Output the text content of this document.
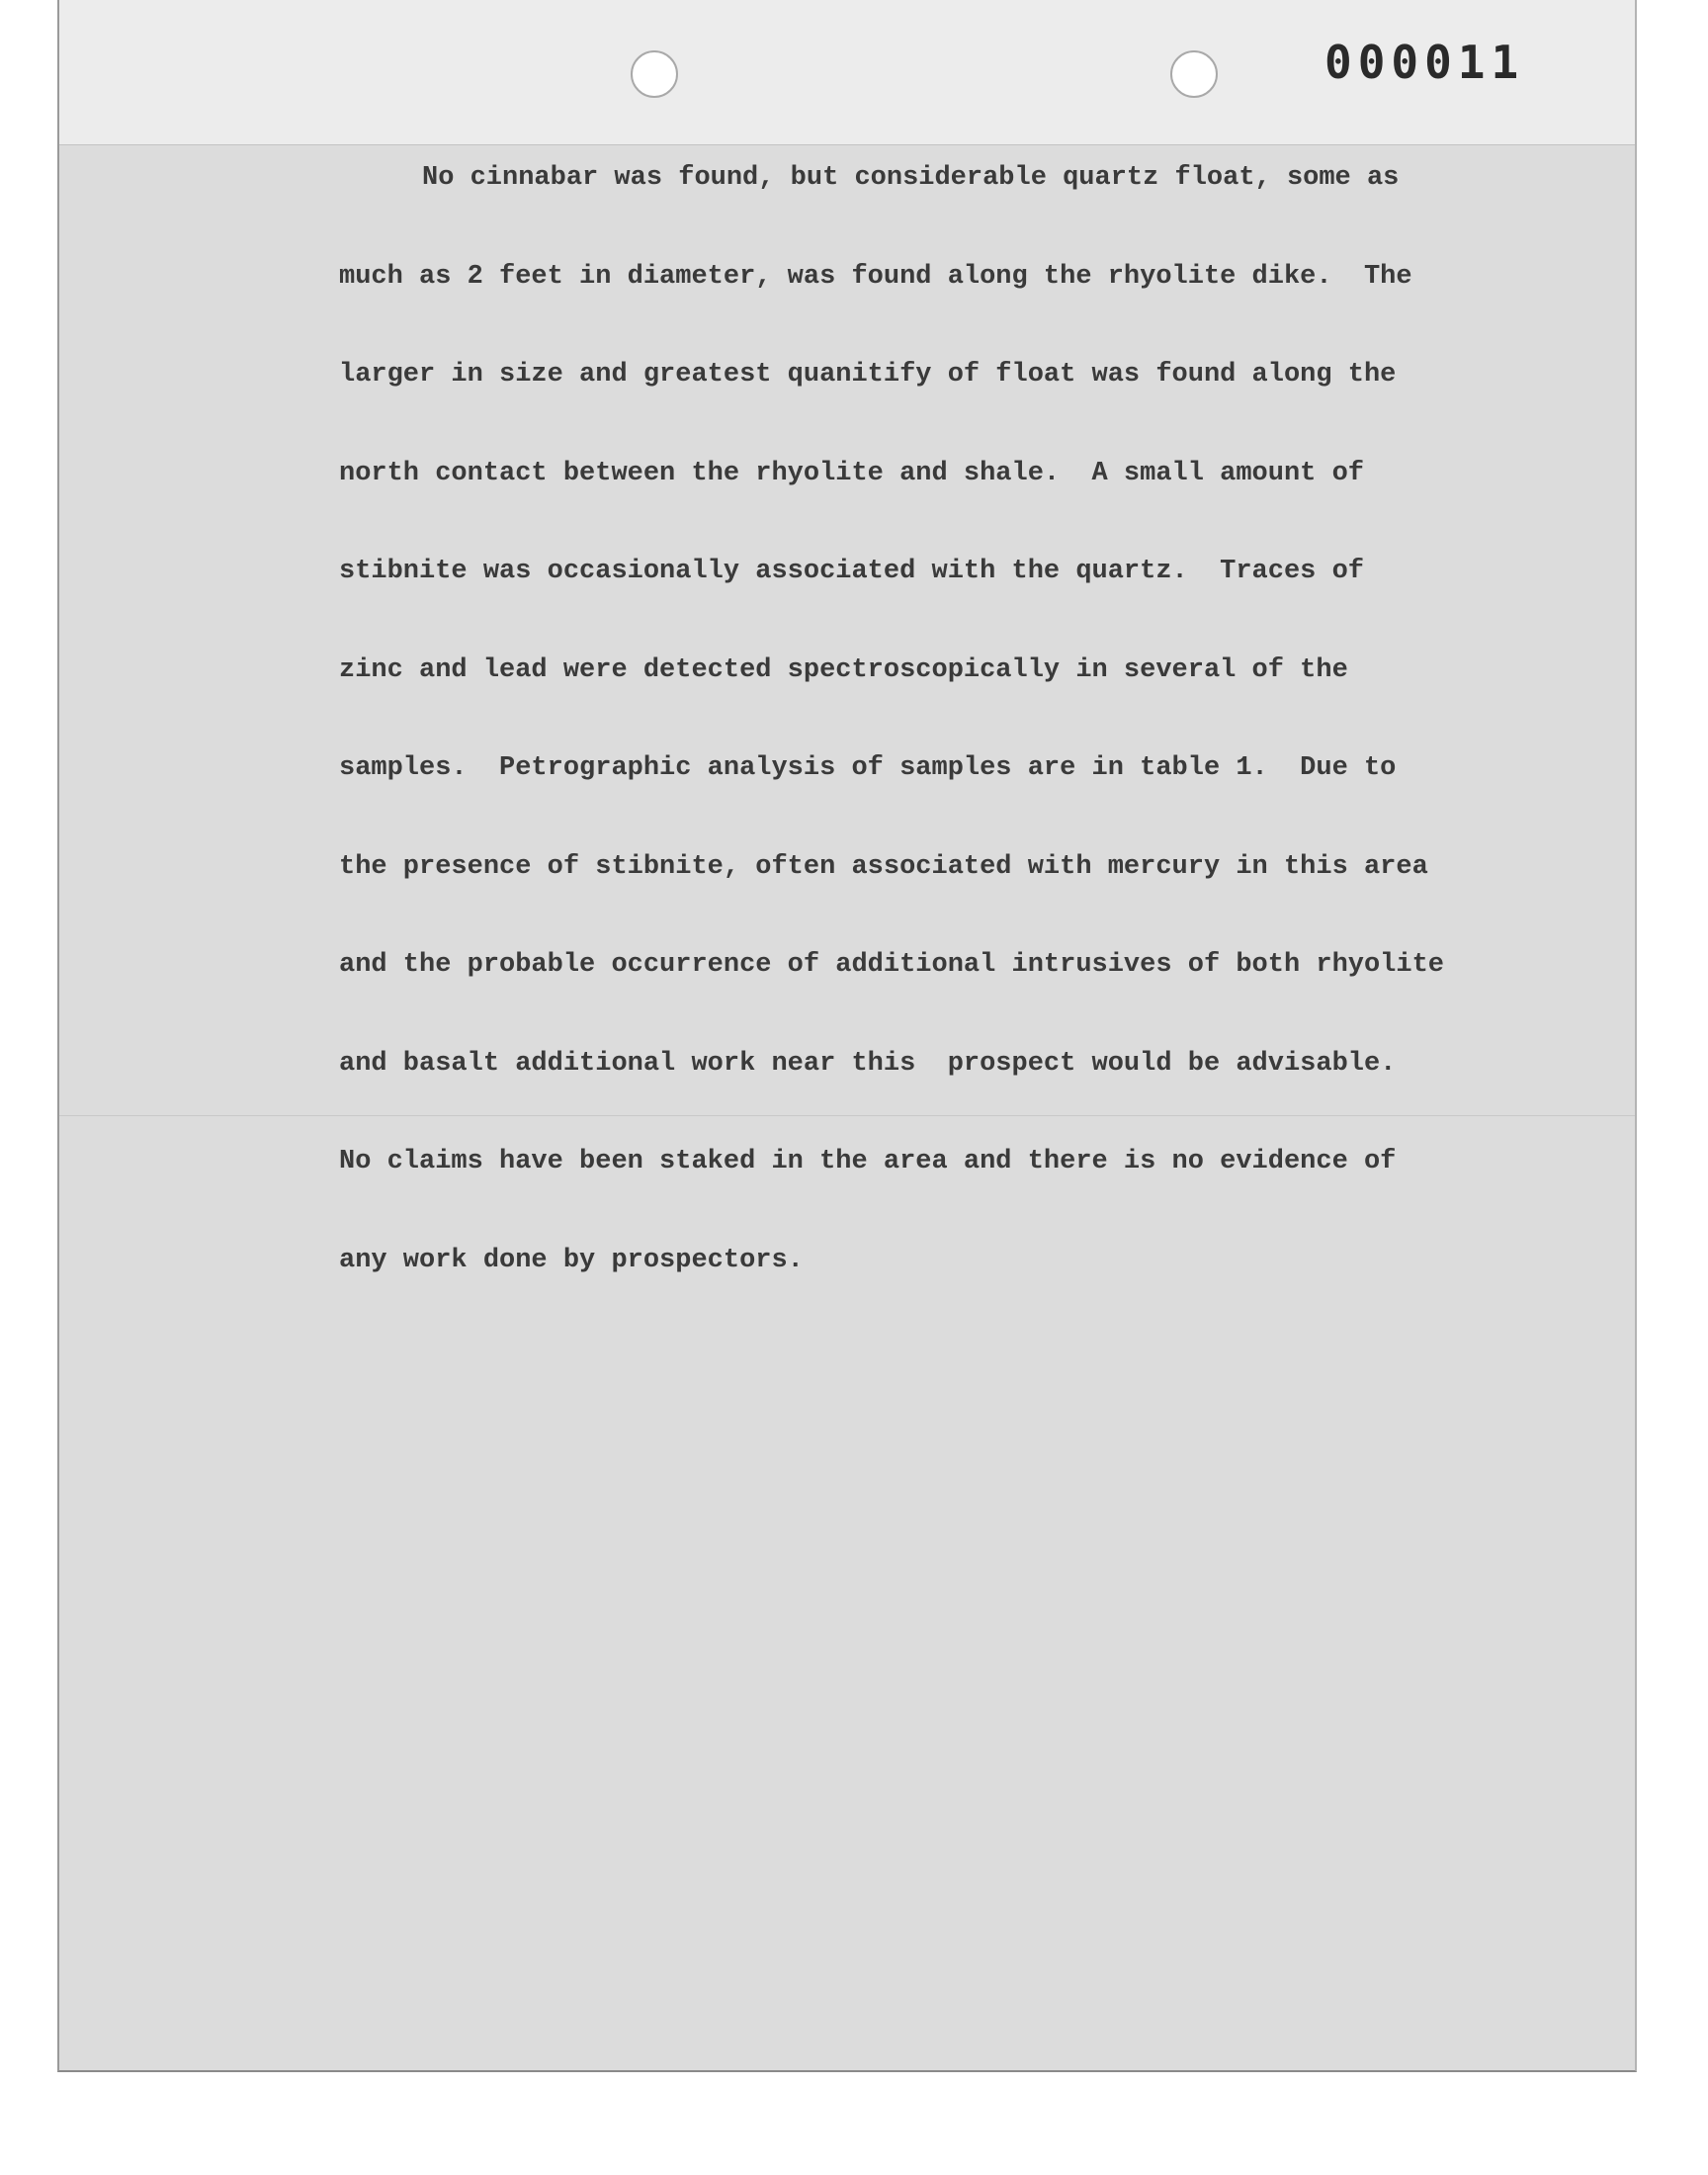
000011
No cinnabar was found, but considerable quartz float, some as
much as 2 feet in diameter, was found along the rhyolite dike.  The
larger in size and greatest quanitify of float was found along the
north contact between the rhyolite and shale.  A small amount of
stibnite was occasionally associated with the quartz.  Traces of
zinc and lead were detected spectroscopically in several of the
samples.  Petrographic analysis of samples are in table 1.  Due to
the presence of stibnite, often associated with mercury in this area
and the probable occurrence of additional intrusives of both rhyolite
and basalt additional work near this  prospect would be advisable.
No claims have been staked in the area and there is no evidence of
any work done by prospectors.
